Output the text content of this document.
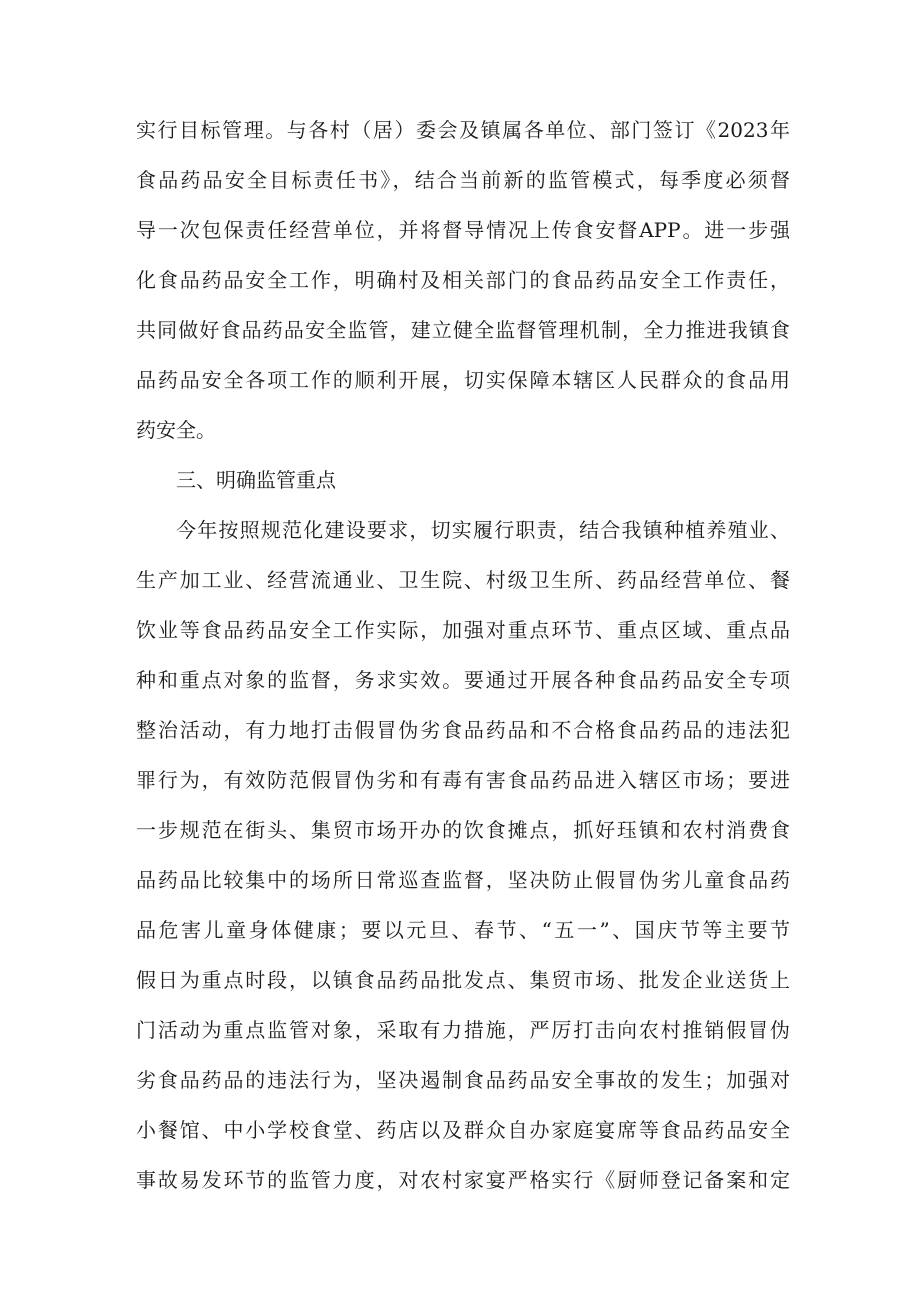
实行目标管理。与各村（居）委会及镇属各单位、部门签订《2023年
食品药品安全目标责任书》，结合当前新的监管模式，每季度必须督
导一次包保责任经营单位，并将督导情况上传食安督APP。进一步强
化食品药品安全工作，明确村及相关部门的食品药品安全工作责任，
共同做好食品药品安全监管，建立健全监督管理机制，全力推进我镇食
品药品安全各项工作的顺利开展，切实保障本辖区人民群众的食品用
药安全。
三、明确监管重点
今年按照规范化建设要求，切实履行职责，结合我镇种植养殖业、
生产加工业、经营流通业、卫生院、村级卫生所、药品经营单位、餐
饮业等食品药品安全工作实际，加强对重点环节、重点区域、重点品
种和重点对象的监督，务求实效。要通过开展各种食品药品安全专项
整治活动，有力地打击假冒伪劣食品药品和不合格食品药品的违法犯
罪行为，有效防范假冒伪劣和有毒有害食品药品进入辖区市场；要进
一步规范在街头、集贸市场开办的饮食摊点，抓好珏镇和农村消费食
品药品比较集中的场所日常巡查监督，坚决防止假冒伪劣儿童食品药
品危害儿童身体健康；要以元旦、春节、“五一”、国庆节等主要节
假日为重点时段，以镇食品药品批发点、集贸市场、批发企业送货上
门活动为重点监管对象，采取有力措施，严厉打击向农村推销假冒伪
劣食品药品的违法行为，坚决遏制食品药品安全事故的发生；加强对
小餐馆、中小学校食堂、药店以及群众自办家庭宴席等食品药品安全
事故易发环节的监管力度，对农村家宴严格实行《厨师登记备案和定
